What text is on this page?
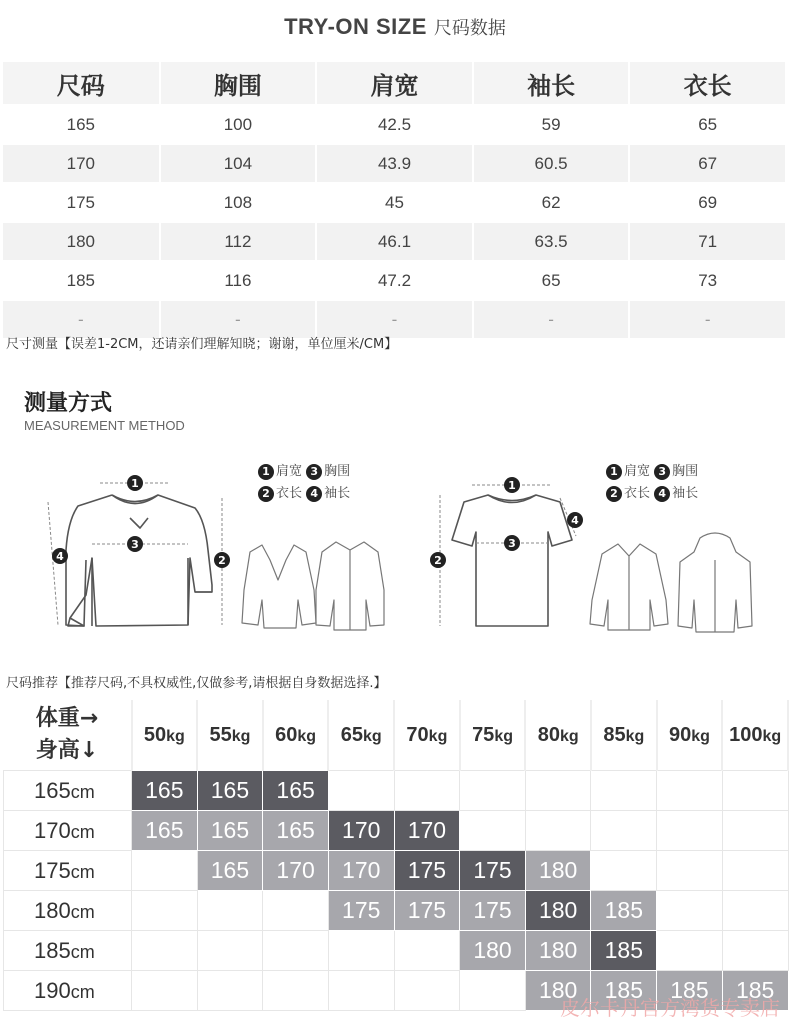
TRY-ON SIZE 尺码数据
尺码	胸围	肩宽	袖长	衣长
165	100	42.5	59	65
170	104	43.9	60.5	67
175	108	45	62	69
180	112	46.1	63.5	71
185	116	47.2	65	73
-	-	-	-	-
尺寸测量【误差1-2CM，还请亲们理解知晓；谢谢，单位厘米/CM】
测量方式
MEASUREMENT METHOD
1 肩宽 3 胸围
2 衣长 4 袖长
1 肩宽 3 胸围
2 衣长 4 袖长
1
3
2
4
1
3
2
4
尺码推荐【推荐尺码,不具权威性,仅做参考,请根据自身数据选择.】
体重→
身高↓	50kg	55kg	60kg	65kg	70kg	75kg	80kg	85kg	90kg	100kg
165cm	165	165	165							
170cm	165	165	165	170	170					
175cm		165	170	170	175	175	180			
180cm				175	175	175	180	185		
185cm						180	180	185		
190cm							180	185	185	185
皮尔卡丹官方湾货专卖店
